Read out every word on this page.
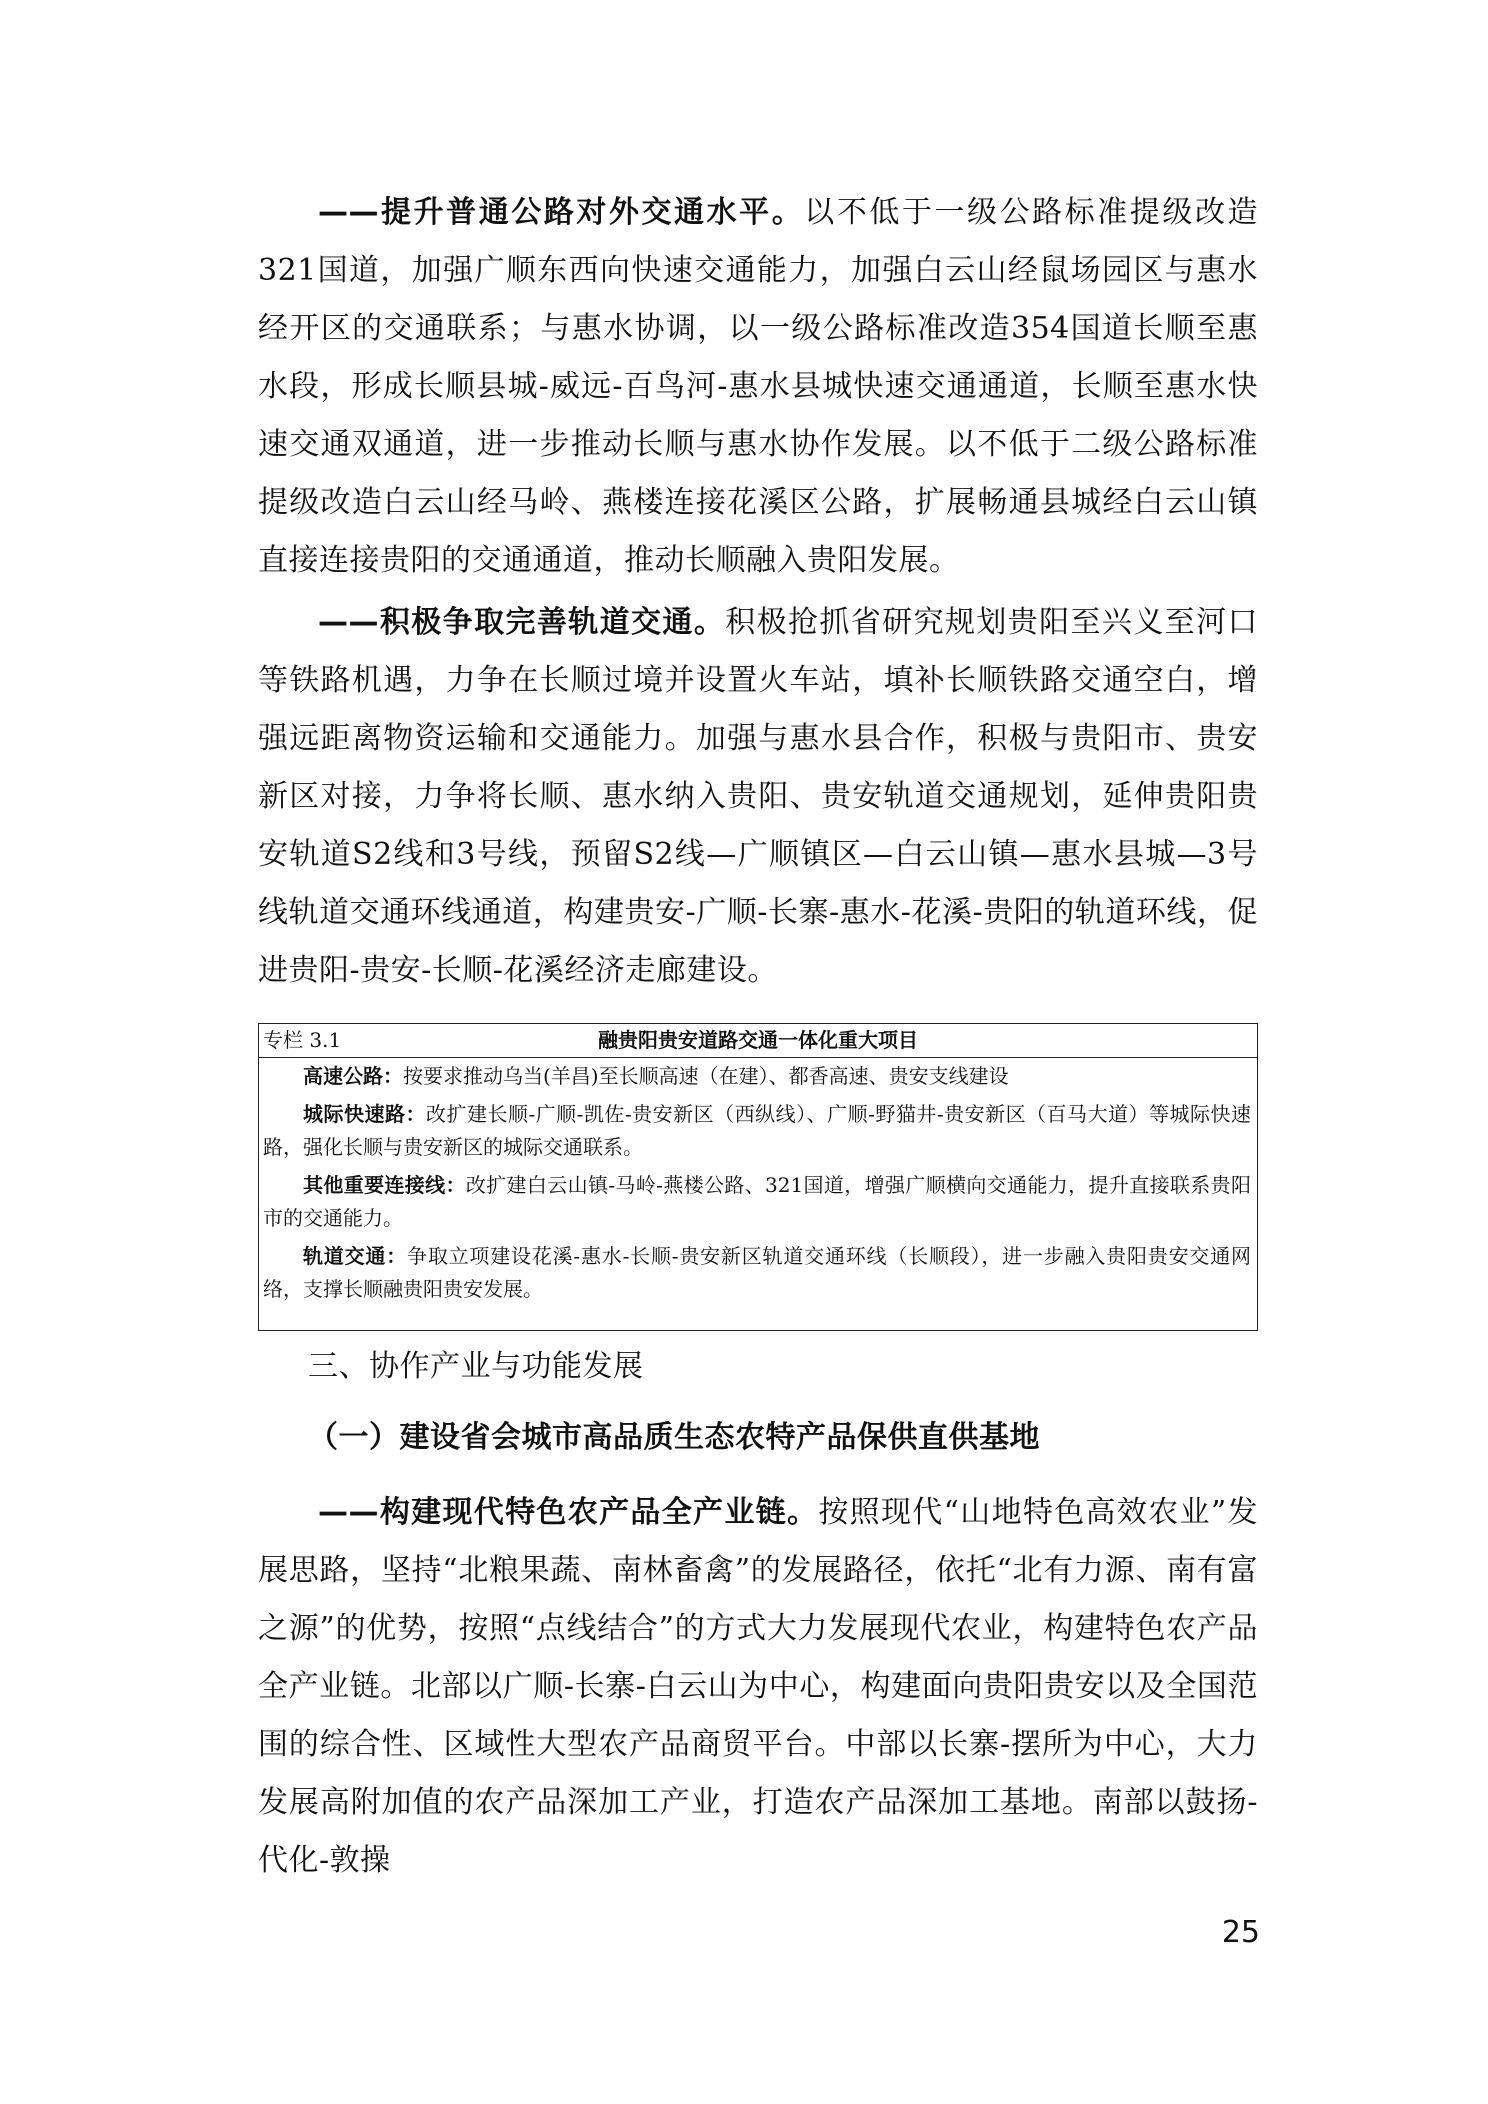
——提升普通公路对外交通水平。以不低于一级公路标准提级改造321国道，加强广顺东西向快速交通能力，加强白云山经鼠场园区与惠水经开区的交通联系；与惠水协调，以一级公路标准改造354国道长顺至惠水段，形成长顺县城-威远-百鸟河-惠水县城快速交通通道，长顺至惠水快速交通双通道，进一步推动长顺与惠水协作发展。以不低于二级公路标准提级改造白云山经马岭、燕楼连接花溪区公路，扩展畅通县城经白云山镇直接连接贵阳的交通通道，推动长顺融入贵阳发展。

——积极争取完善轨道交通。积极抢抓省研究规划贵阳至兴义至河口等铁路机遇，力争在长顺过境并设置火车站，填补长顺铁路交通空白，增强远距离物资运输和交通能力。加强与惠水县合作，积极与贵阳市、贵安新区对接，力争将长顺、惠水纳入贵阳、贵安轨道交通规划，延伸贵阳贵安轨道S2线和3号线，预留S2线—广顺镇区—白云山镇—惠水县城—3号线轨道交通环线通道，构建贵安-广顺-长寨-惠水-花溪-贵阳的轨道环线，促进贵阳-贵安-长顺-花溪经济走廊建设。

专栏 3.1	融贵阳贵安道路交通一体化重大项目

高速公路：按要求推动乌当(羊昌)至长顺高速（在建）、都香高速、贵安支线建设

城际快速路：改扩建长顺-广顺-凯佐-贵安新区（西纵线）、广顺-野猫井-贵安新区（百马大道）等城际快速路，强化长顺与贵安新区的城际交通联系。

其他重要连接线：改扩建白云山镇-马岭-燕楼公路、321国道，增强广顺横向交通能力，提升直接联系贵阳市的交通能力。

轨道交通：争取立项建设花溪-惠水-长顺-贵安新区轨道交通环线（长顺段），进一步融入贵阳贵安交通网络，支撑长顺融贵阳贵安发展。

三、协作产业与功能发展
（一）建设省会城市高品质生态农特产品保供直供基地

——构建现代特色农产品全产业链。按照现代“山地特色高效农业”发展思路，坚持“北粮果蔬、南林畜禽”的发展路径，依托“北有力源、南有富之源”的优势，按照“点线结合”的方式大力发展现代农业，构建特色农产品全产业链。北部以广顺-长寨-白云山为中心，构建面向贵阳贵安以及全国范围的综合性、区域性大型农产品商贸平台。中部以长寨-摆所为中心，大力发展高附加值的农产品深加工产业，打造农产品深加工基地。南部以鼓扬-代化-敦操

25
